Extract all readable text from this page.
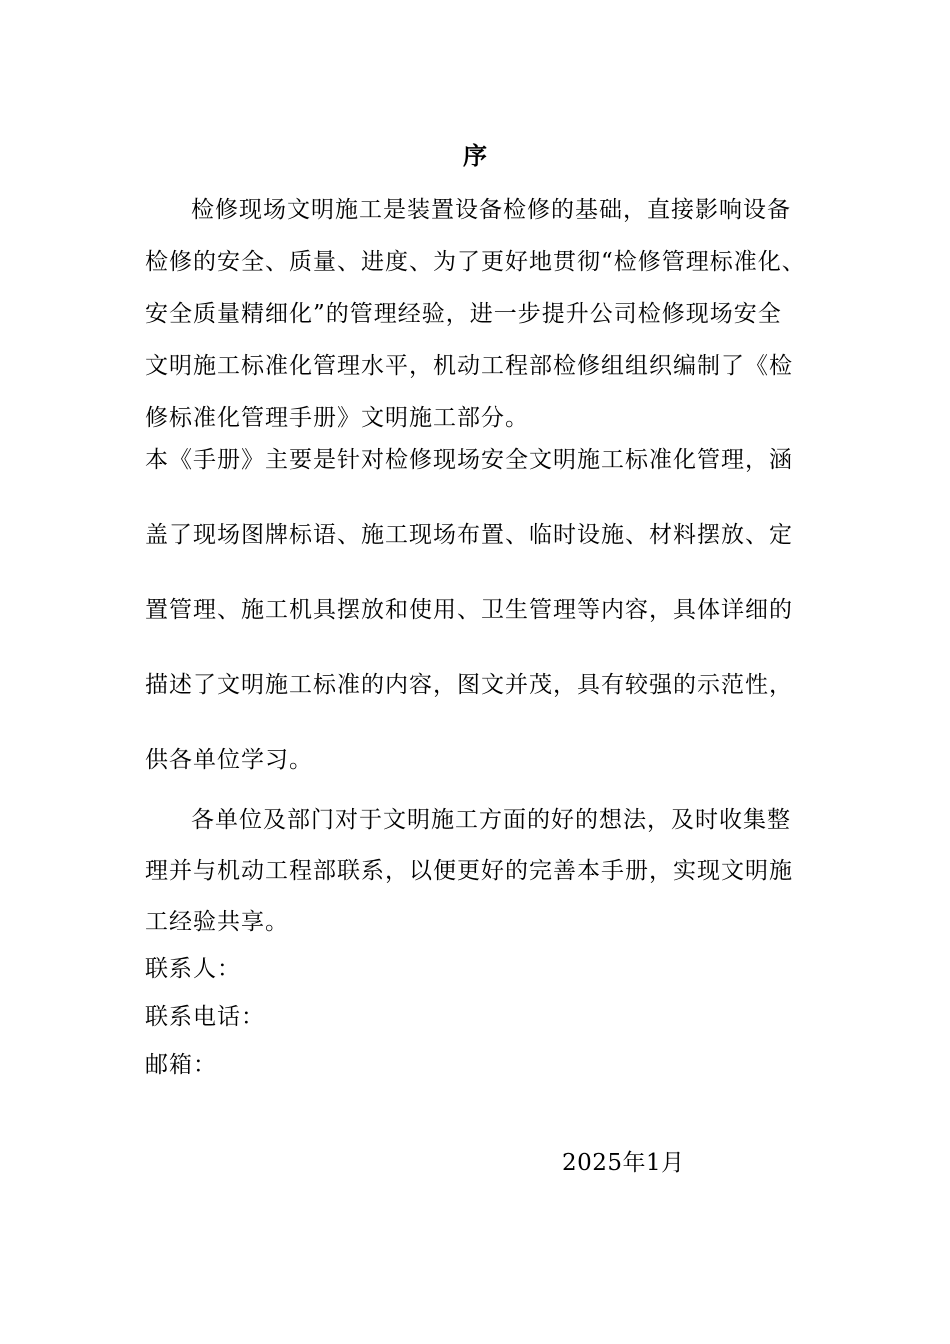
序
检修现场文明施工是装置设备检修的基础，直接影响设备
检修的安全、质量、进度、为了更好地贯彻“检修管理标准化、
安全质量精细化”的管理经验，进一步提升公司检修现场安全
文明施工标准化管理水平，机动工程部检修组组织编制了《检
修标准化管理手册》文明施工部分。
本《手册》主要是针对检修现场安全文明施工标准化管理，涵
盖了现场图牌标语、施工现场布置、临时设施、材料摆放、定
置管理、施工机具摆放和使用、卫生管理等内容，具体详细的
描述了文明施工标准的内容，图文并茂，具有较强的示范性，
供各单位学习。
各单位及部门对于文明施工方面的好的想法，及时收集整
理并与机动工程部联系，以便更好的完善本手册，实现文明施
工经验共享。
联系人：
联系电话：
邮箱：
2025年1月
